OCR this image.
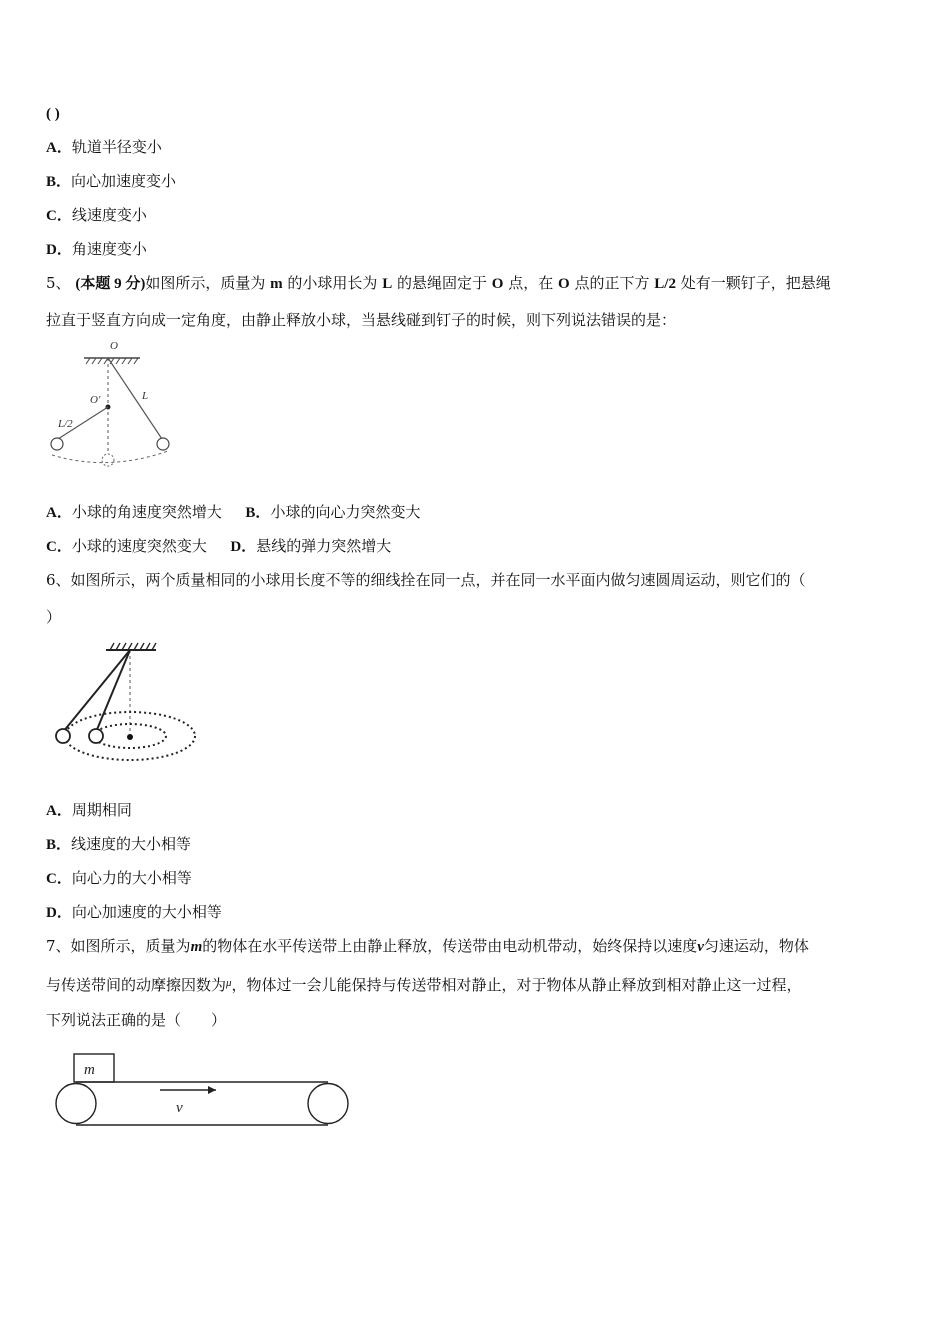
( )
A．轨道半径变小
B．向心加速度变小
C．线速度变小
D．角速度变小
5、 (本题 9 分)如图所示，质量为 m 的小球用长为 L 的悬绳固定于 O 点，在 O 点的正下方 L/2 处有一颗钉子，把悬绳
拉直于竖直方向成一定角度，由静止释放小球，当悬线碰到钉子的时候，则下列说法错误的是：
O
O′	L
L/2
A．小球的角速度突然增大 B．小球的向心力突然变大
C．小球的速度突然变大 D．悬线的弹力突然增大
6、如图所示，两个质量相同的小球用长度不等的细线拴在同一点，并在同一水平面内做匀速圆周运动，则它们的（
）
A．周期相同
B．线速度的大小相等
C．向心力的大小相等
D．向心加速度的大小相等
7、如图所示，质量为m的物体在水平传送带上由静止释放，传送带由电动机带动，始终保持以速度v匀速运动，物体
与传送带间的动摩擦因数为$^\mu$，物体过一会儿能保持与传送带相对静止，对于物体从静止释放到相对静止这一过程，
下列说法正确的是（　　）
m
v
